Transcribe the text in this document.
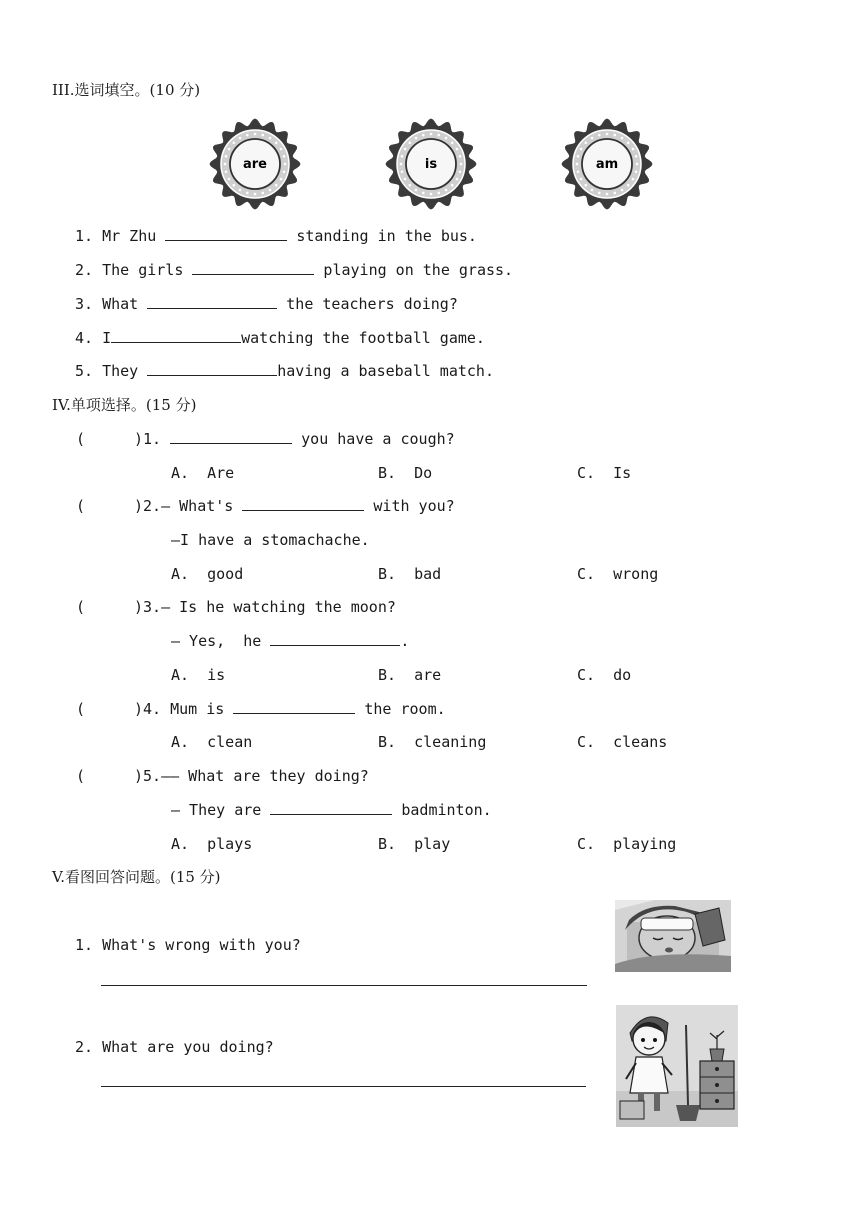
III.选词填空。(10 分)
are	is	am
1. Mr Zhu	standing in the bus.
2. The girls	playing on the grass.
3. What	the teachers doing?
4. I	watching the football game.
5. They	having a baseball match.
IV.单项选择。(15 分)
(	)1.	you have a cough?
A.  Are	B.  Do	C.  Is
(	)2.— What's	with you?
—I have a stomachache.
A.  good	B.  bad	C.  wrong
(	)3.— Is he watching the moon?
— Yes,  he	.
A.  is	B.  are	C.  do
(	)4. Mum is	the room.
A.  clean	B.  cleaning	C.  cleans
(	)5.—— What are they doing?
— They are	badminton.
A.  plays	B.  play	C.  playing
V.看图回答问题。(15 分)
1. What's wrong with you?
2. What are you doing?
